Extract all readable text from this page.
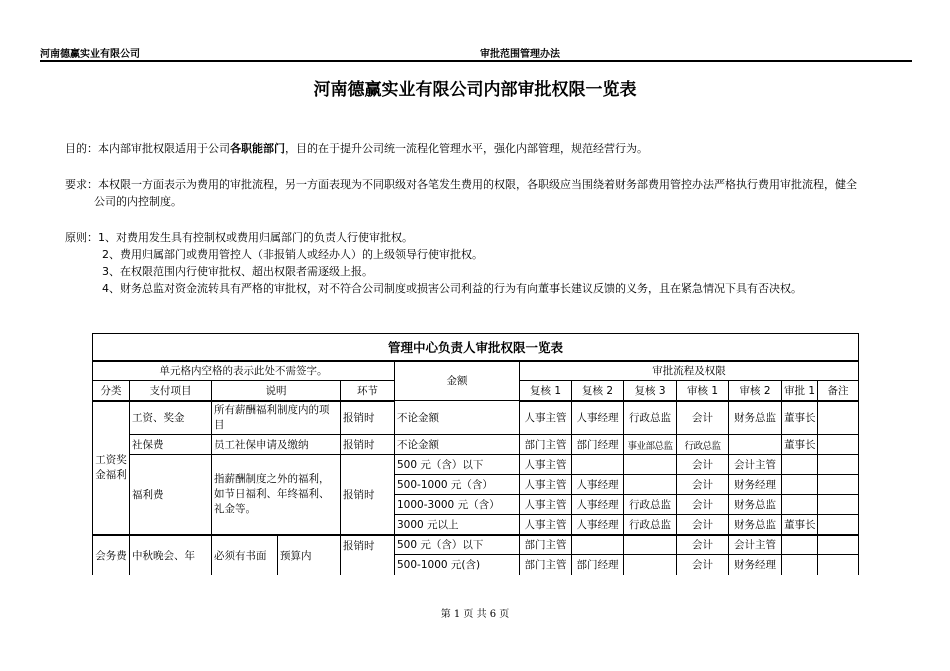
河南德赢实业有限公司	审批范围管理办法
河南德赢实业有限公司内部审批权限一览表
目的：本内部审批权限适用于公司各职能部门，目的在于提升公司统一流程化管理水平，强化内部管理，规范经营行为。
要求：本权限一方面表示为费用的审批流程，另一方面表现为不同职级对各笔发生费用的权限，各职级应当围绕着财务部费用管控办法严格执行费用审批流程，健全
公司的内控制度。
原则：1、对费用发生具有控制权或费用归属部门的负责人行使审批权。
2、费用归属部门或费用管控人（非报销人或经办人）的上级领导行使审批权。
3、在权限范围内行使审批权、超出权限者需逐级上报。
4、财务总监对资金流转具有严格的审批权，对不符合公司制度或损害公司利益的行为有向董事长建议反馈的义务，且在紧急情况下具有否决权。
管理中心负责人审批权限一览表												
单元格内空格的表示此处不需签字。					金额	审批流程及权限						
分类	支付项目	说明		环节		复核 1	复核 2	复核 3	审核 1	审核 2	审批 1	备注
工资奖金福利	工资、奖金	所有薪酬福利制度内的项目		报销时	不论金额	人事主管	人事经理	行政总监	会计	财务总监	董事长	
	社保费	员工社保申请及缴纳		报销时	不论金额	部门主管	部门经理	事业部总监	行政总监		董事长	
	福利费	指薪酬制度之外的福利，如节日福利、年终福利、礼金等。		报销时	500 元（含）以下	人事主管			会计	会计主管		
					500-1000 元（含）	人事主管	人事经理		会计	财务经理		
					1000-3000 元（含）	人事主管	人事经理	行政总监	会计	财务总监		
					3000 元以上	人事主管	人事经理	行政总监	会计	财务总监	董事长	
会务费	中秋晚会、年	必须有书面	预算内	报销时	500 元（含）以下	部门主管			会计	会计主管		
					500-1000 元(含)	部门主管	部门经理		会计	财务经理		
第 1 页 共 6 页
